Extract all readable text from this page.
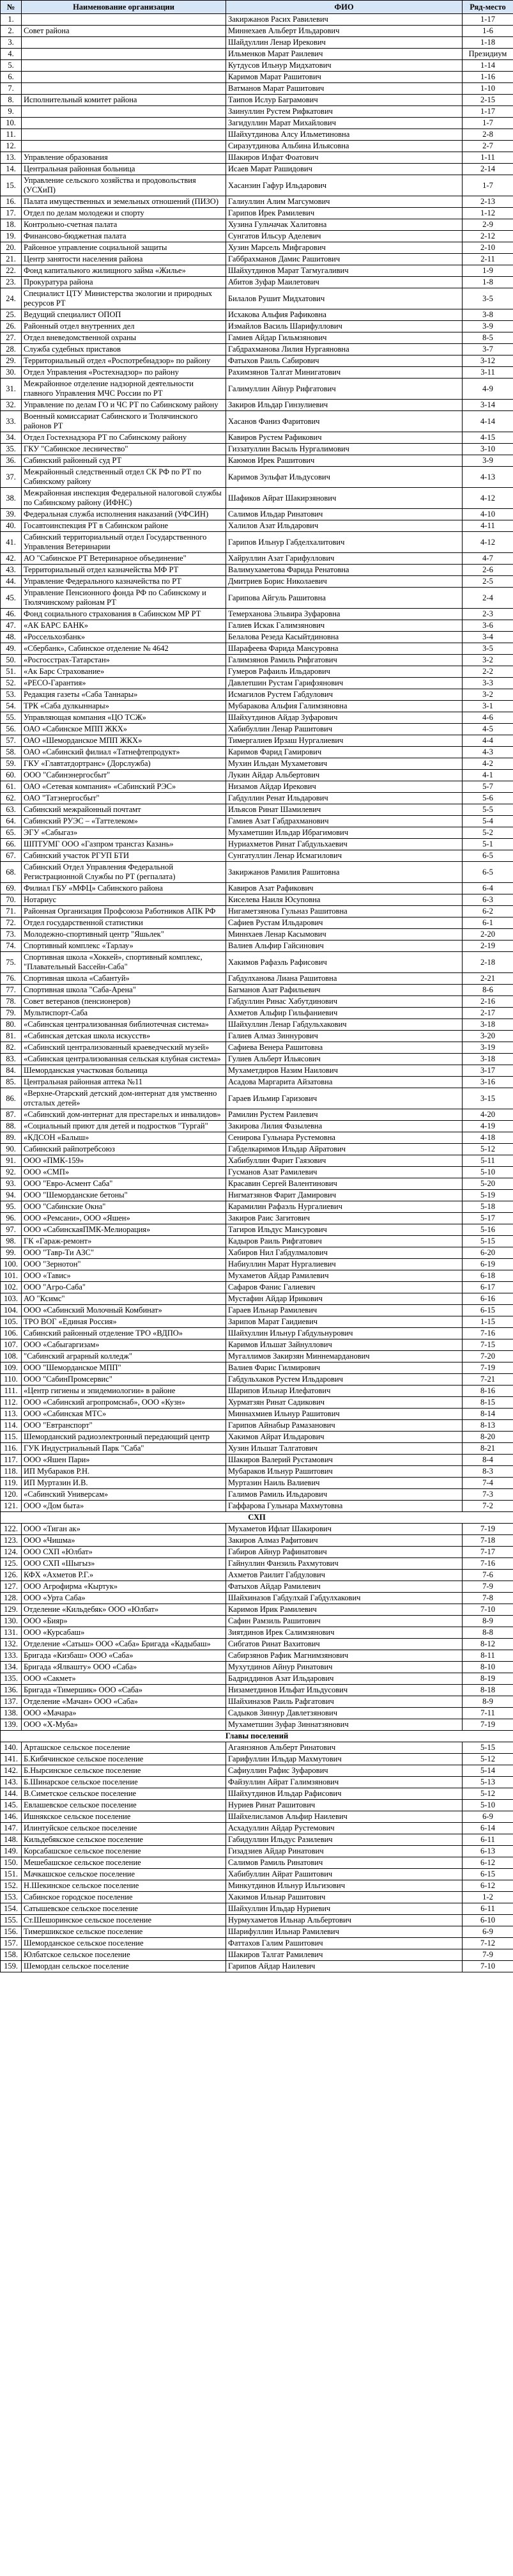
№	Наименование организации	ФИО	Ряд-место
1.		Закиржанов Расих Равилевич	1-17
2.	Совет района	Миннехаев Альберт Ильдарович	1-6
3.		Шайдуллин Ленар Ирекович	1-18
4.		Ильменков Марат Раилевич	Президиум
5.		Кутдусов Ильнур Мидхатович	1-14
6.		Каримов Марат Рашитович	1-16
7.		Ватманов Марат Рашитович	1-10
8.	Исполнительный комитет района	Таипов Ислур Баграмович	2-15
9.		Заинуллин Рустем Рифкатович	1-17
10.		Загидуллин Марат Михайлович	1-7
11.		Шайхутдинова Алсу Ильметиновна	2-8
12.		Сиразутдинова Альбина Ильясовна	2-7
13.	Управление образования	Шакиров Илфат Фоатович	1-11
14.	Центральная районная больница	Исаев Марат Рашидович	2-14
15.	Управление сельского хозяйства и продовольствия (УСХиП)	Хасанзин Гафур Ильдарович	1-7
16.	Палата имущественных и земельных отношений (ПИЗО)	Галиуллин Алим Магсумович	2-13
17.	Отдел по делам молодежи и спорту	Гарипов Ирек Рамилевич	1-12
18.	Контрольно-счетная палата	Хузина Гульчачак Халитовна	2-9
19.	Финансово-бюджетная палата	Сунгатов Ильсур Аделевич	2-12
20.	Районное управление социальной защиты	Хузин Марсель Мифгарович	2-10
21.	Центр занятости населения района	Габбрахманов Дамис Рашитович	2-11
22.	Фонд капитального жилищного займа «Жилье»	Шайхутдинов Марат Тагмугаливич	1-9
23.	Прокуратура района	Абитов Зуфар Маилетович	1-8
24.	Специалист ЦТУ Министерства экологии и природных ресурсов РТ	Билалов Рушит Мидхатович	3-5
25.	Ведущий специалист ОПОП	Исхакова Альфия Рафиковна	3-8
26.	Районный отдел внутренних дел	Измайлов Василь Шарифуллович	3-9
27.	Отдел вневедомственной охраны	Гамиев Айдар Гильмзянович	8-5
28.	Служба судебных приставов	Габдрахманова Лилия Нургаяновна	3-7
29.	Территориальный отдел «Роспотребнадзор» по району	Фатыхов Раиль Сабирович	3-12
30.	Отдел Управления «Ростехнадзор» по району	Рахимзянов Талгат Минигатович	3-11
31.	Межрайонное отделение надзорной деятельности главного Управления МЧС России по РТ	Галимуллин Айнур Рифгатович	4-9
32.	Управление по делам ГО и ЧС РТ по Сабинскому району	Закиров Ильдар Гинзулиевич	3-14
33.	Военный комиссариат Сабинского и Тюлячинского районов РТ	Хасанов Фаниз Фаритович	4-14
34.	Отдел Гостехнадзора РТ по Сабинскому району	Кавиров Рустем Рафикович	4-15
35.	ГКУ "Сабинское лесничество"	Гиззатуллин Васыль Нургалимович	3-10
36.	Сабинский районный суд РТ	Каюмов Ирек Рашитович	3-9
37.	Межрайонный следственный отдел СК РФ по РТ по Сабинскому району	Каримов Зульфат Ильдусович	4-13
38.	Межрайонная инспекция Федеральной налоговой службы по Сабинскому району (ИФНС)	Шафиков Айрат Шакирзянович	4-12
39.	Федеральная служба исполнения наказаний (УФСИН)	Салимов Ильдар Ринатович	4-10
40.	Госавтоинспекция РТ в Сабинском районе	Халилов Азат Ильдарович	4-11
41.	Сабинский территориальный отдел Государственного Управления Ветеринарии	Гарипов Ильнур Габделхалитович	4-12
42.	АО "Сабинское РТ Ветеринарное объединение"	Хайруллин Азат Гарифуллович	4-7
43.	Территориальный отдел казначейства МФ РТ	Валимухаметова Фарида Ренатовна	2-6
44.	Управление Федерального казначейства по РТ	Дмитриев Борис Николаевич	2-5
45.	Управление Пенсионного фонда РФ по Сабинскому и Тюлячинскому районам РТ	Гарипова Айгуль Рашитовна	2-4
46.	Фонд социального страхования в Сабинском МР РТ	Темерханова Эльвира Зуфаровна	2-3
47.	«АК БАРС БАНК»	Галиев Искак Галимзянович	3-6
48.	«Россельхозбанк»	Белалова Резеда Касыйтдиновна	3-4
49.	«Сбербанк», Сабинское отделение № 4642	Шарафеева Фарида Мансуровна	3-5
50.	«Росгосстрах-Татарстан»	Галимзянов Рамиль Рифгатович	3-2
51.	«Ак Барс Страхование»	Гумеров Рафаиль Ильдарович	2-2
52.	«РЕСО-Гарантия»	Давлетшин Рустам Гарифзянович	3-3
53.	Редакция газеты «Саба Таннары»	Исмагилов Рустем Габдулович	3-2
54.	ТРК «Саба дулкыннары»	Мубаракова Альфия Галимзяновна	3-1
55.	Управляющая компания «ЦО ТСЖ»	Шайхутдинов Айдар Зуфарович	4-6
56.	ОАО «Сабинское МПП ЖКХ»	Хабибуллин Ленар Рашитович	4-5
57.	ОАО «Шеморданское МПП ЖКХ»	Тимергалиев Ирзаш Нургалиевич	4-4
58.	ОАО «Сабинский филиал «Татнефтепродукт»	Каримов Фарид Гамирович	4-3
59.	ГКУ «Главтатдортранс» (Дорслужба)	Мухин Ильдан Мухаметович	4-2
60.	ООО "Сабинэнергосбыт"	Лукин Айдар Альбертович	4-1
61.	ОАО «Сетевая компания» «Сабинский РЭС»	Низамов Айдар Ирекович	5-7
62.	ОАО "Татэнергосбыт"	Габдуллин Ренат Ильдарович	5-6
63.	Сабинский межрайонный почтамт	Ильясов Ринат Шамилевич	5-5
64.	Сабинский РУЭС – «Таттелеком»	Гамиев Азат Габдрахманович	5-4
65.	ЭГУ «Сабыгаз»	Мухаметшин Ильдар Ибрагимович	5-2
66.	ШПТУМГ ООО «Газпром трансгаз Казань»	Нуриахметов Ринат Габдульхаевич	5-1
67.	Сабинский участок РГУП БТИ	Сунгатуллин Ленар Исмагилович	6-5
68.	Сабинский Отдел Управления Федеральной Регистрационной Службы по РТ (регпалата)	Закиржанов Рамилия Рашитовна	6-5
69.	Филиал ГБУ «МФЦ» Сабинского района	Кавиров Азат Рафикович	6-4
70.	Нотариус	Киселева Наиля Юсуповна	6-3
71.	Районная Организация Профсоюза Работников АПК РФ	Нигаметзянова Гульназ Рашитовна	6-2
72.	Отдел государственной статистики	Сафиев Рустам Ильдарович	6-1
73.	Молодежно-спортивный центр "Яшьлек"	Миннхаев Ленар Касымович	2-20
74.	Спортивный комплекс «Тарлау»	Валиев Альфир Гайсинович	2-19
75.	Спортивная школа «Хоккей», спортивный комплекс, "Плавательный Бассейн-Саба"	Хакимов Рафаэль Рафисович	2-18
76.	Спортивная школа «Сабантуй»	Габдулханова Лиана Рашитовна	2-21
77.	Спортивная школа "Саба-Арена"	Багманов Азат Рафильевич	8-6
78.	Совет ветеранов (пенсионеров)	Габдуллин Ринас Хабутдинович	2-16
79.	Мультиспорт-Саба	Ахметов Альфир Гильфаниевич	2-17
80.	«Сабинская централизованная библиотечная система»	Шайхуллин Ленар Габдульхакович	3-18
81.	«Сабинская детская школа искусств»	Галиев Алмаз Зиннурович	3-20
82.	«Сабинский централизованный краеведческий музей»	Сафиева Венера Рашитовна	3-19
83.	«Сабинская централизованная сельская клубная система»	Гулиев Альберт Ильясович	3-18
84.	Шеморданская участковая больница	Мухаметдиров Назим Наилович	3-17
85.	Центральная районная аптека №11	Асадова Маргарита Айзатовна	3-16
86.	«Верхне-Отарский детский дом-интернат для умственно отсталых детей»	Гараев Ильмир Гаризович	3-15
87.	«Сабинский дом-интернат для престарелых и инвалидов»	Рамилин Рустем Раилевич	4-20
88.	«Социальный приют для детей и подростков "Тургай"	Закирова Лилия Фазылевна	4-19
89.	«КДСОН «Балыш»	Сенирова Гульнара Рустемовна	4-18
90.	Сабинский райпотребсоюз	Габделкаримов Ильдар Айратович	5-12
91.	ООО «ПМК-159»	Хабибуллин Фарит Гаязович	5-11
92.	ООО «СМП»	Гусманов Азат Рамилевич	5-10
93.	ООО "Евро-Асмент Саба"	Красавин Сергей Валентинович	5-20
94.	ООО "Шеморданские бетоны"	Нигматзянов Фарит Дамирович	5-19
95.	ООО "Сабинские Окна"	Карамилин Рафаэль Нургалиевич	5-18
96.	ООО «Ремсани», ООО «Яшен»	Закиров Раис Загитович	5-17
97.	ООО «СабинскаяПМК-Мелиорация»	Тагиров Ильдус Мансурович	5-16
98.	ГК «Гараж-ремонт»	Кадыров Раиль Рифгатович	5-15
99.	ООО "Тавр-Ти АЗС"	Хабиров Нил Габдулмалович	6-20
100.	ООО "Зернотон"	Набиуллин Марат Нургалиевич	6-19
101.	ООО «Тавис»	Мухаметов Айдар Рамилевич	6-18
102.	ООО "Агро-Саба"	Сафаров Фанис Галиевич	6-17
103.	АО "Ксимс"	Мустафин Айдар Ирикович	6-16
104.	ООО «Сабинский Молочный Комбинат»	Гараев Ильнар Рамилевич	6-15
105.	ТРО ВОГ «Единая Россия»	Зарипов Марат Гаидиевич	1-15
106.	Сабинский районный отделение ТРО «ВДПО»	Шайхуллин Ильнур Габдульнурович	7-16
107.	ООО «Сабыгаргизам»	Каримов Ильшат Зайнуллович	7-15
108.	"Сабинский аграрный колледж"	Мугаллимов Закирзян Миннемарданович	7-20
109.	ООО "Шеморданское МПП"	Валиев Фарис Гилмирович	7-19
110.	ООО "СабинПромсервис"	Габдульхаков Рустем Ильдарович	7-21
111.	«Центр гигиены и эпидемиологии» в районе	Шарипов Ильнар Илефатович	8-16
112.	ООО «Сабинский агропромснаб», ООО «Кузн»	Хурматзян Ринат Садикович	8-15
113.	ООО «Сабинская МТС»	Миннахмиев Ильнур Рашитович	8-14
114.	ООО "Евтранспорт"	Гарипов Айнабыр Рамазанович	8-13
115.	Шеморданский радиоэлектронный передающий центр	Хакимов Айрат Ильдарович	8-20
116.	ГУК Индустриальный Парк "Саба"	Хузин Ильшат Талгатович	8-21
117.	ООО «Яшен Пари»	Шакиров Валерий Рустамович	8-4
118.	ИП Мубараков Р.Н.	Мубараков Ильнур Рашитович	8-3
119.	ИП Муртазин И.В.	Муртазин Наиль Валиевич	7-4
120.	«Сабинский Универсам»	Галимов Рамиль Ильдарович	7-3
121.	ООО «Дом быта»	Гаффарова Гульнара Махмутовна	7-2
СХП			
122.	ООО «Тиган ак»	Мухаметов Ифлат Шакирович	7-19
123.	ООО «Чишма»	Закиров Алмаз Рафитович	7-18
124.	ООО СХП «Юлбат»	Габиров Айнур Рафинатович	7-17
125.	ООО СХП «Шыгыз»	Гайнуллин Фанзиль Рахмутович	7-16
126.	КФХ «Ахметов Р.Г.»	Ахметов Раилит Габдулович	7-6
127.	ООО Агрофирма «Кыртук»	Фатыхов Айдар Рамилевич	7-9
128.	ООО «Урта Саба»	Шайхиназов Габдулхай Габдулхакович	7-8
129.	Отделение «Кильдебяк» ООО «Юлбат»	Каримов Ирик Рамилевич	7-10
130.	ООО «Бияр»	Сафин Рамзиль Рашитович	8-9
131.	ООО «Курсабаш»	Зиятдинов Ирек Салимзянович	8-8
132.	Отделение «Сатыш» ООО «Саба» Бригада «Кадыбаш»	Сибгатов Ринат Вахитович	8-12
133.	Бригада «Кизбаш» ООО «Саба»	Сабирзянов Рафик Магнимзянович	8-11
134.	Бригада «Ялвашту» ООО «Саба»	Мухутдинов Айнур Ринатович	8-10
135.	ООО «Сакмет»	Бадриддинов Азат Ильдарович	8-19
136.	Бригада «Тимершик» ООО «Саба»	Низаметдинов Ильфат Ильдусович	8-18
137.	Отделение «Мачан» ООО «Саба»	Шайхиназов Раиль Рафгатович	8-9
138.	ООО «Мачара»	Садыков Зиннур Давлетзянович	7-11
139.	ООО «Х-Муба»	Мухаметшин Зуфар Зиннатзянович	7-19
Главы поселений			
140.	Арташское сельское поселение	Агаянзянов Альберт Ринатович	5-15
141.	Б.Кибячинское сельское поселение	Гарифуллин Ильдар Махмутович	5-12
142.	Б.Нырсинское сельское поселение	Сафиуллин Рафис Зуфарович	5-14
143.	Б.Шинарское сельское поселение	Файзуллин Айрат Галимзянович	5-13
144.	В.Симетское сельское поселение	Шайхутдинов Ильдар Рафисович	5-12
145.	Евлашевское сельское поселение	Нуриев Ринат Рашитович	5-10
146.	Ишнякское сельское поселение	Шайхелисламов Альфир Наилевич	6-9
147.	Илинтуйское сельское поселение	Асхадуллин Айдар Рустемович	6-14
148.	Кильдебякское сельское поселение	Габидуллин Ильдус Разилевич	6-11
149.	Корсабашское сельское поселение	Гизадзиев Айдар Ринатович	6-13
150.	Мешебашское сельское поселение	Салимов Рамиль Ринатович	6-12
151.	Мачкашское сельское поселение	Хабибуллин Айрат Рашитович	6-15
152.	Н.Шекинское сельское поселение	Минкутдинов Ильнур Ильгизович	6-12
153.	Сабинское городское поселение	Хакимов Ильнар Рашитович	1-2
154.	Сатышевское сельское поселение	Шайхуллин Ильдар Нуриевич	6-11
155.	Ст.Шешоринское сельское поселение	Нурмухаметов Ильнар Альбертович	6-10
156.	Тимершикское сельское поселение	Шарифуллин Ильнар Рамилевич	6-9
157.	Шеморданское сельское поселение	Фаттахов Галим Рашитович	7-12
158.	Юлбатское сельское поселение	Шакиров Талгат Рамилевич	7-9
159.	Шемордан сельское поселение	Гарипов Айдар Наилевич	7-10
